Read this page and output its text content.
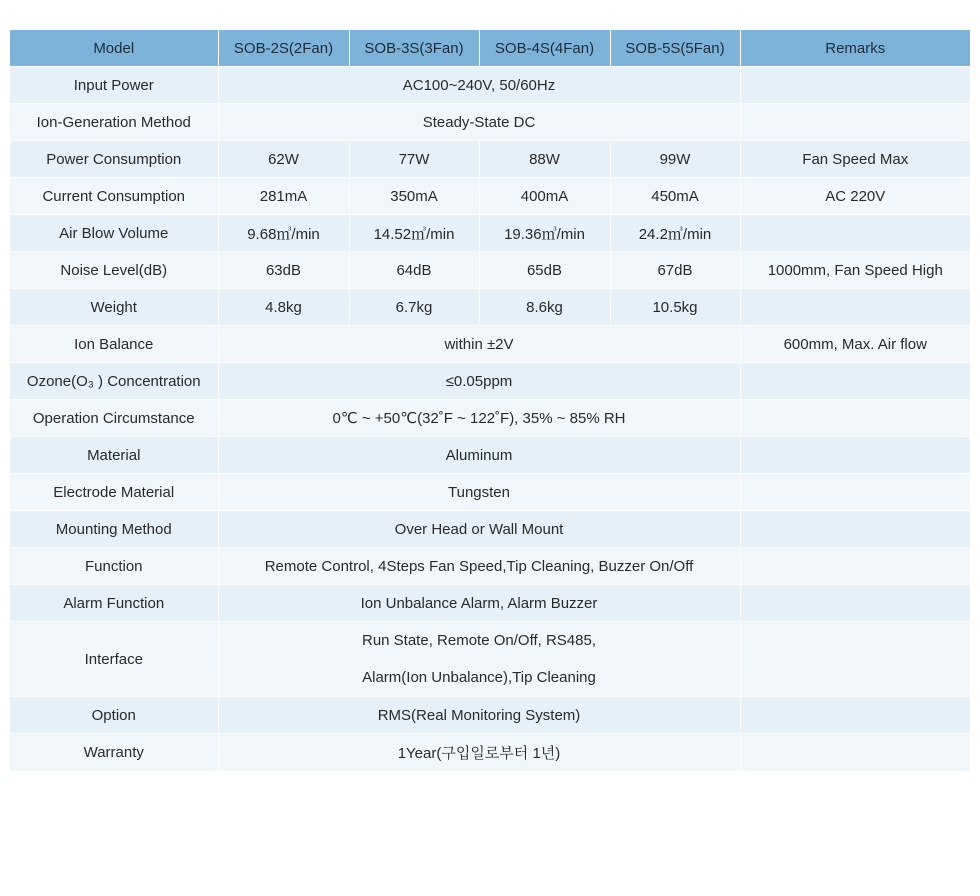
Model	SOB-2S(2Fan)	SOB-3S(3Fan)	SOB-4S(4Fan)	SOB-5S(5Fan)	Remarks
Input Power	AC100~240V, 50/60Hz				
Ion-Generation Method	Steady-State DC				
Power Consumption	62W	77W	88W	99W	Fan Speed Max
Current Consumption	281mA	350mA	400mA	450mA	AC 220V
Air Blow Volume	9.68㎥/min	14.52㎥/min	19.36㎥/min	24.2㎥/min	
Noise Level(dB)	63dB	64dB	65dB	67dB	1000mm, Fan Speed High
Weight	4.8kg	6.7kg	8.6kg	10.5kg	
Ion Balance	within ±2V				600mm, Max. Air flow
Ozone(O₃ ) Concentration	≤0.05ppm				
Operation Circumstance	0℃ ~ +50℃(32˚F ~ 122˚F), 35% ~ 85% RH				
Material	Aluminum				
Electrode Material	Tungsten				
Mounting Method	Over Head or Wall Mount				
Function	Remote Control, 4Steps Fan Speed,Tip Cleaning, Buzzer On/Off				
Alarm Function	Ion Unbalance Alarm, Alarm Buzzer				
Interface	Run State, Remote On/Off, RS485,
Alarm(Ion Unbalance),Tip Cleaning				

Option	RMS(Real Monitoring System)				
Warranty	1Year(구입일로부터 1년)				
